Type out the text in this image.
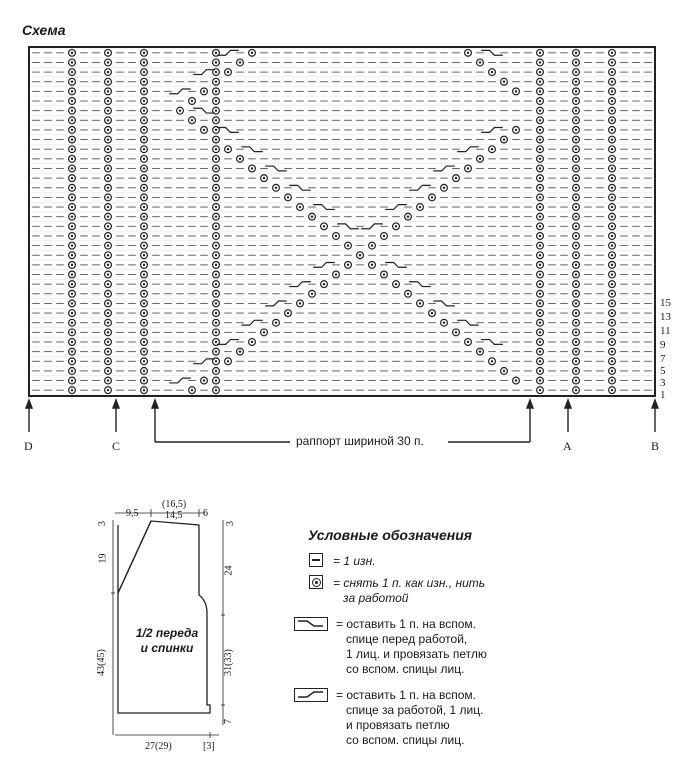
Схема
15
13
11
9
7
5
3
1
D	C	A	B
раппорт шириной 30 п.
9,5
(16,5)
14,5 6
3	3
19
43(45)
24
31(33)
7
27(29)	[3]
1/2 переда
и спинки
Условные обозначения
= 1 изн.
= снять 1 п. как изн., нить
за работой
= оставить 1 п. на вспом.
спице перед работой,
1 лиц. и провязать петлю
со вспом. спицы лиц.
= оставить 1 п. на вспом.
спице за работой, 1 лиц.
и провязать петлю
со вспом. спицы лиц.
